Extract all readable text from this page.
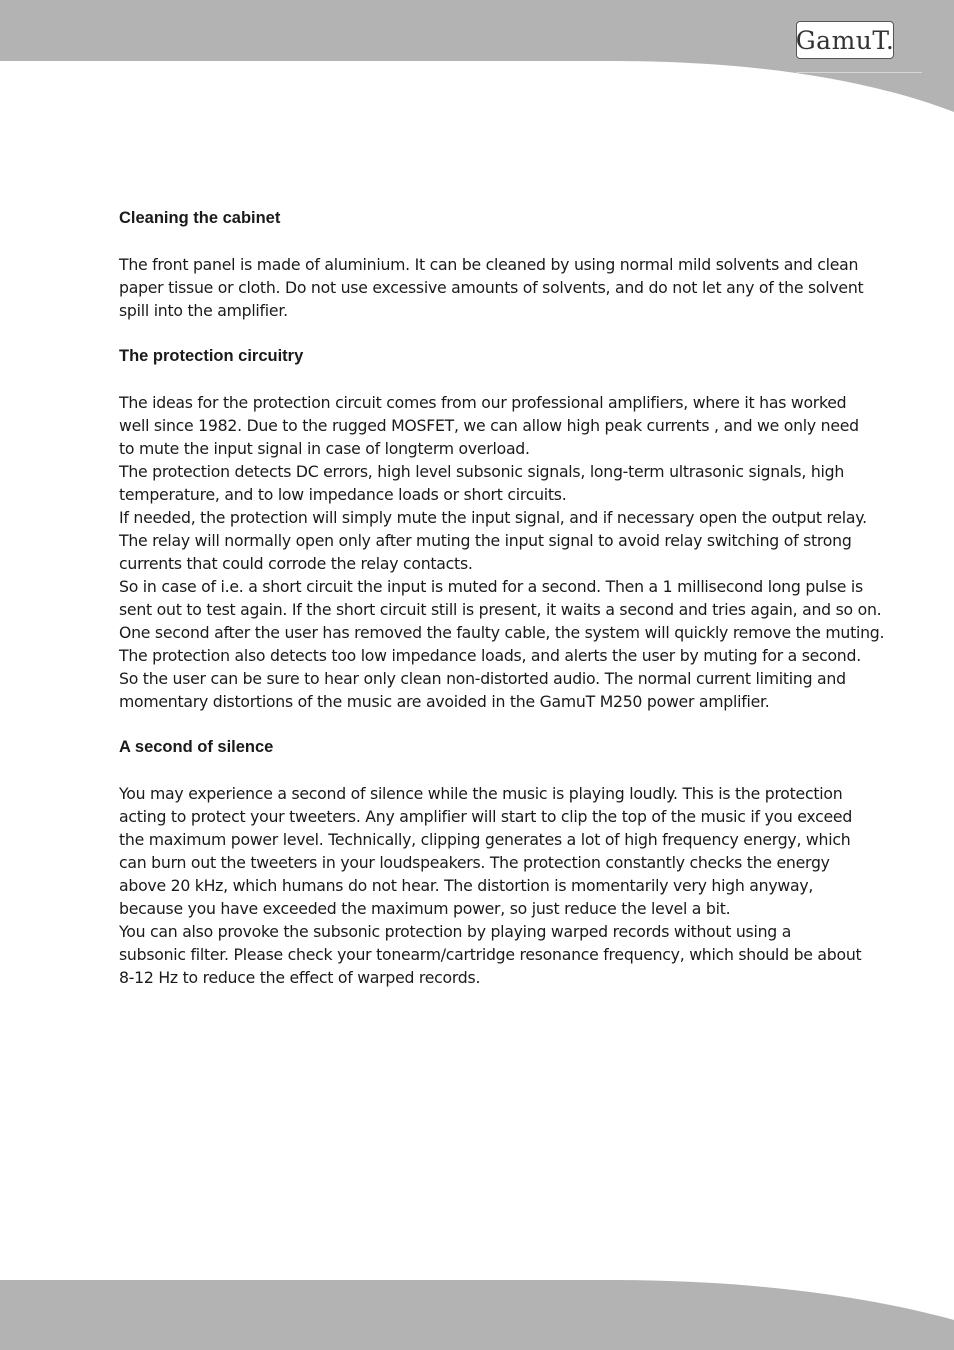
GamuT.
Cleaning the cabinet
The front panel is made of aluminium. It can be cleaned by using normal mild solvents and clean
paper tissue or cloth. Do not use excessive amounts of solvents, and do not let any of the solvent
spill into the amplifier.
The protection circuitry
The ideas for the protection circuit comes from our professional amplifiers, where it has worked
well since 1982. Due to the rugged MOSFET, we can allow high peak currents , and we only need
to mute the input signal in case of longterm overload.
The protection detects DC errors, high level subsonic signals, long-term ultrasonic signals, high
temperature, and to low impedance loads or short circuits.
If needed, the protection will simply mute the input signal, and if necessary open the output relay.
The relay will normally open only after muting the input signal to avoid relay switching of strong
currents that could corrode the relay contacts.
So in case of i.e. a short circuit the input is muted for a second. Then a 1 millisecond long pulse is
sent out to test again. If the short circuit still is present, it waits a second and tries again, and so on.
One second after the user has removed the faulty cable, the system will quickly remove the muting.
The protection also detects too low impedance loads, and alerts the user by muting for a second.
So the user can be sure to hear only clean non-distorted audio. The normal current limiting and
momentary distortions of the music are avoided in the GamuT M250 power amplifier.
A second of silence
You may experience a second of silence while the music is playing loudly. This is the protection
acting to protect your tweeters. Any amplifier will start to clip the top of the music if you exceed
the maximum power level. Technically, clipping generates a lot of high frequency energy, which
can burn out the tweeters in your loudspeakers. The protection constantly checks the energy
above 20 kHz, which humans do not hear. The distortion is momentarily very high anyway,
because you have exceeded the maximum power, so just reduce the level a bit.
You can also provoke the subsonic protection by playing warped records without using a
subsonic filter. Please check your tonearm/cartridge resonance frequency, which should be about
8-12 Hz to reduce the effect of warped records.
